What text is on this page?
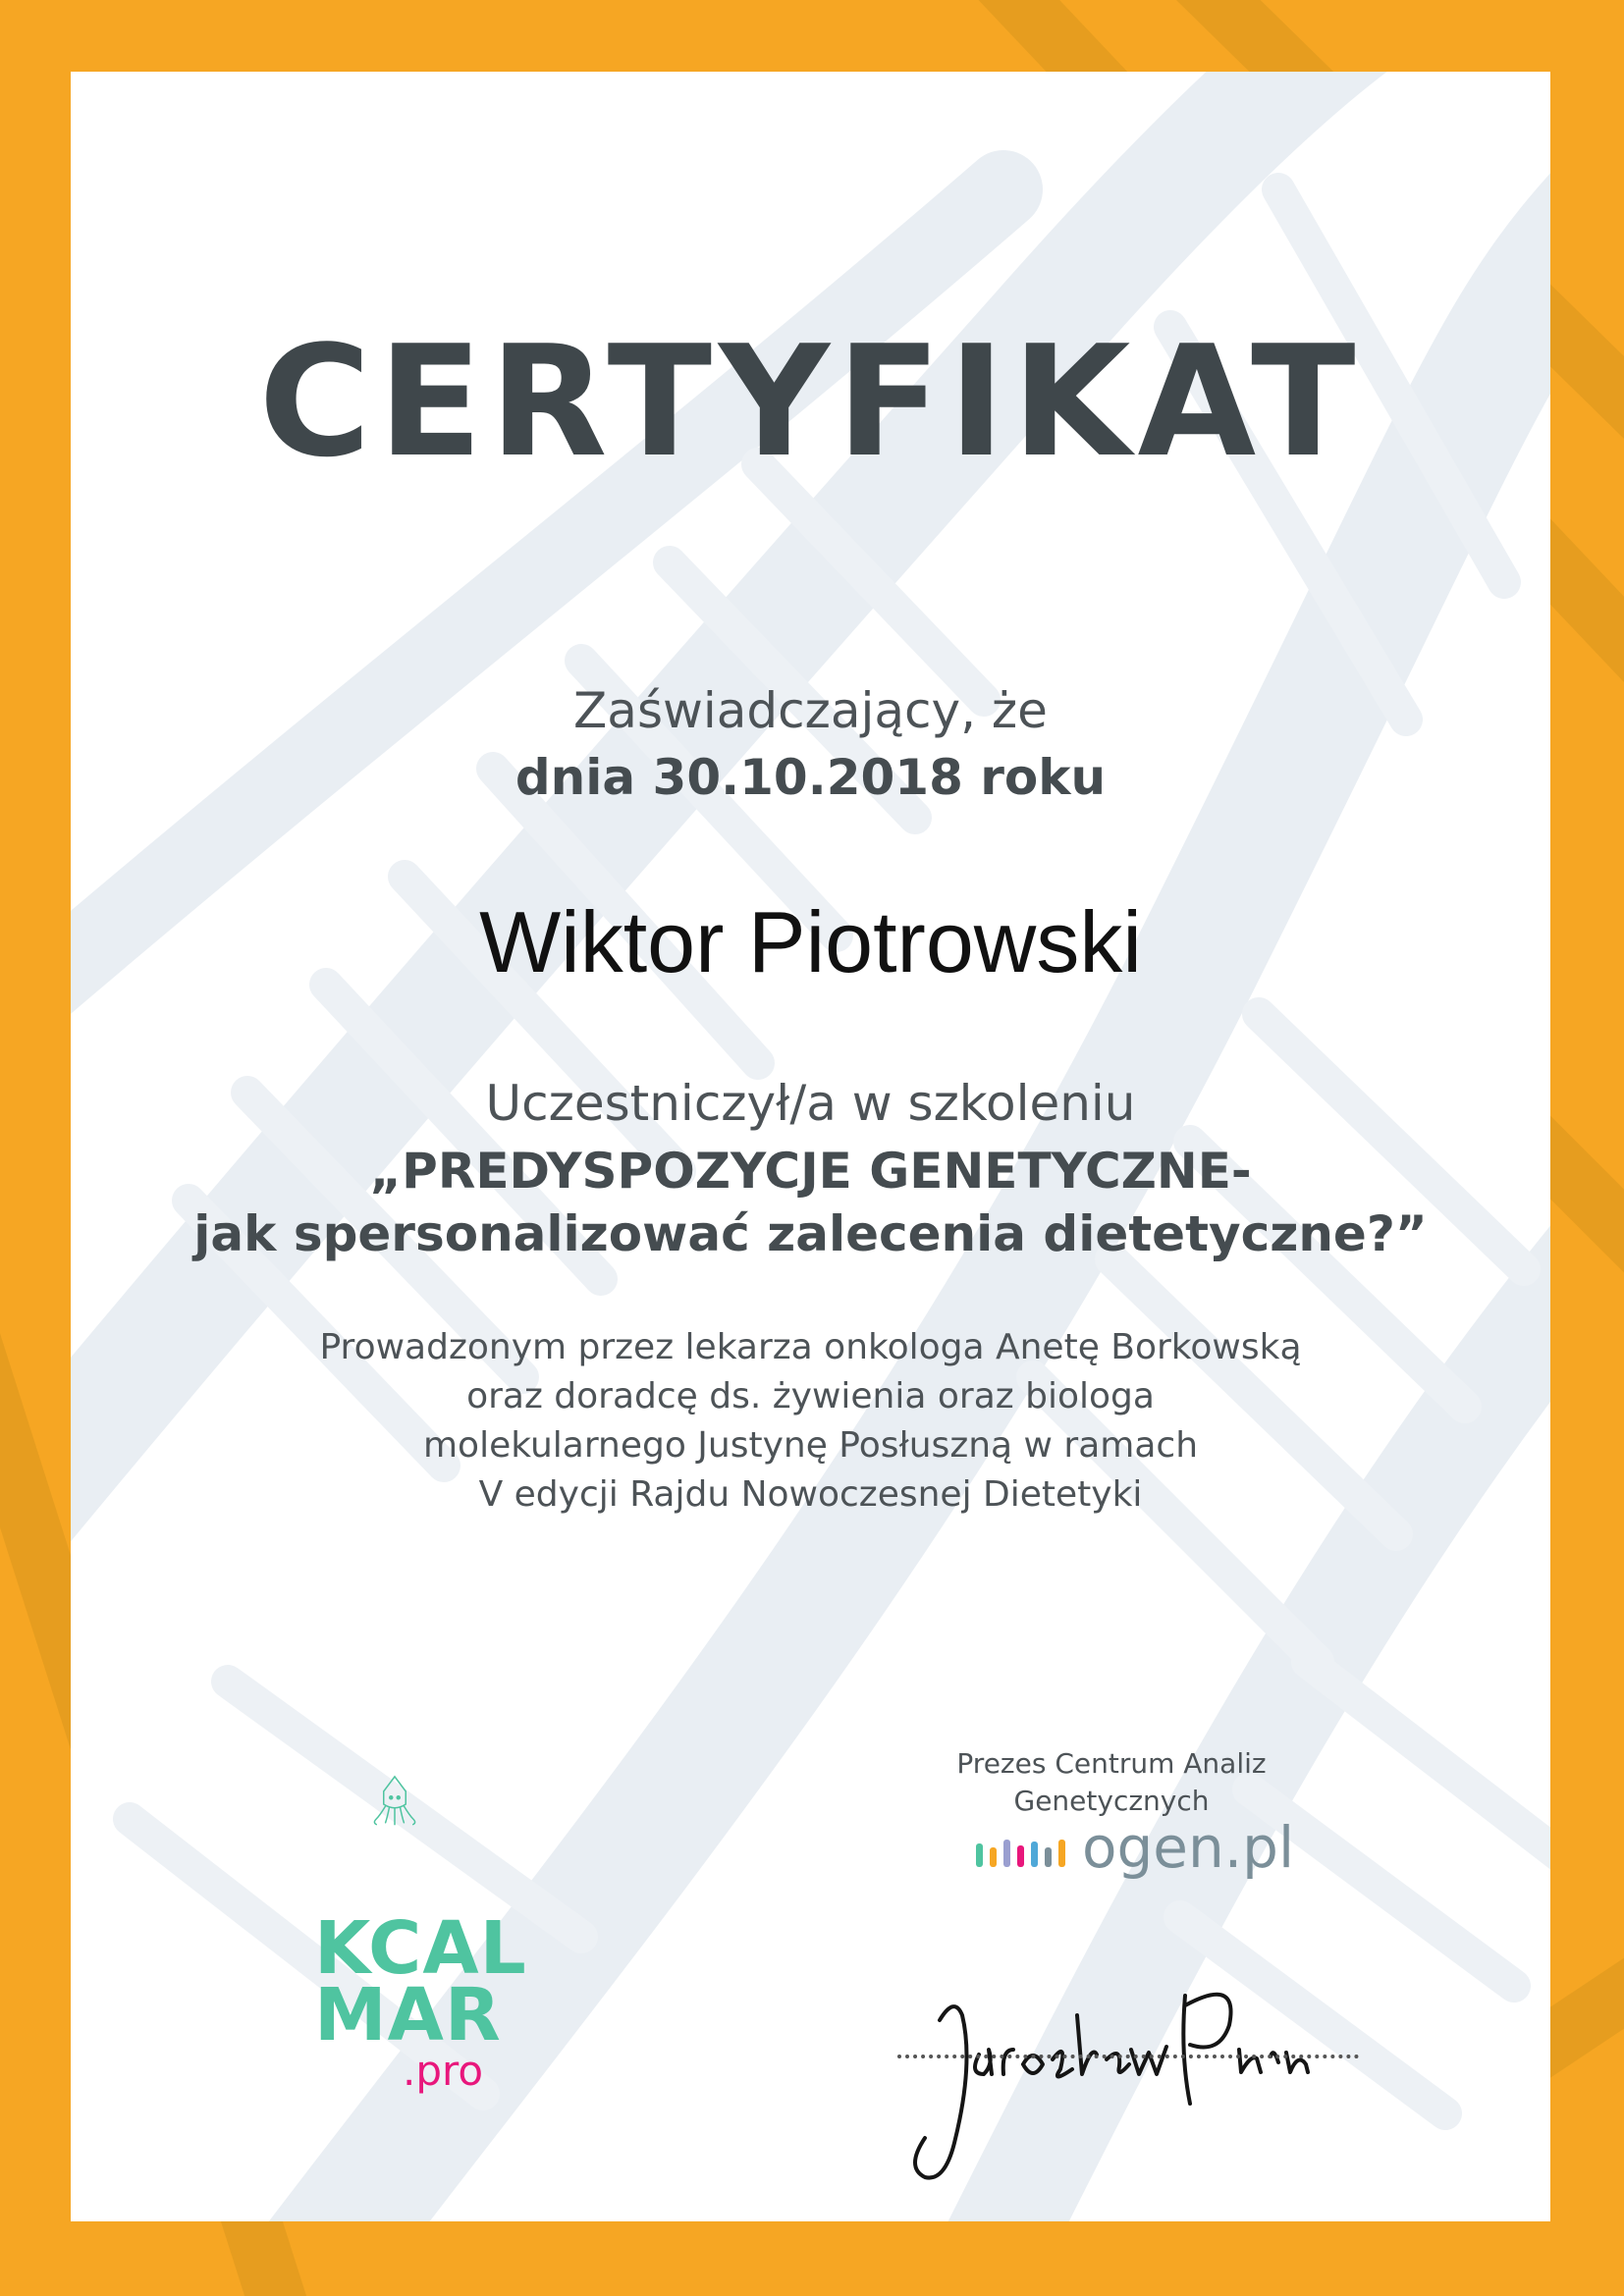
CERTYFIKAT
Zaświadczający, że
dnia 30.10.2018 roku
Wiktor Piotrowski
Uczestniczył/a w szkoleniu
„PREDYSPOZYCJE GENETYCZNE-
jak spersonalizować zalecenia dietetyczne?”
Prowadzonym przez lekarza onkologa Anetę Borkowską
oraz doradcę ds. żywienia oraz biologa
molekularnego Justynę Posłuszną w ramach
V edycji Rajdu Nowoczesnej Dietetyki
KCAL
MAR
.pro
Prezes Centrum Analiz
Genetycznych
ogen.pl
